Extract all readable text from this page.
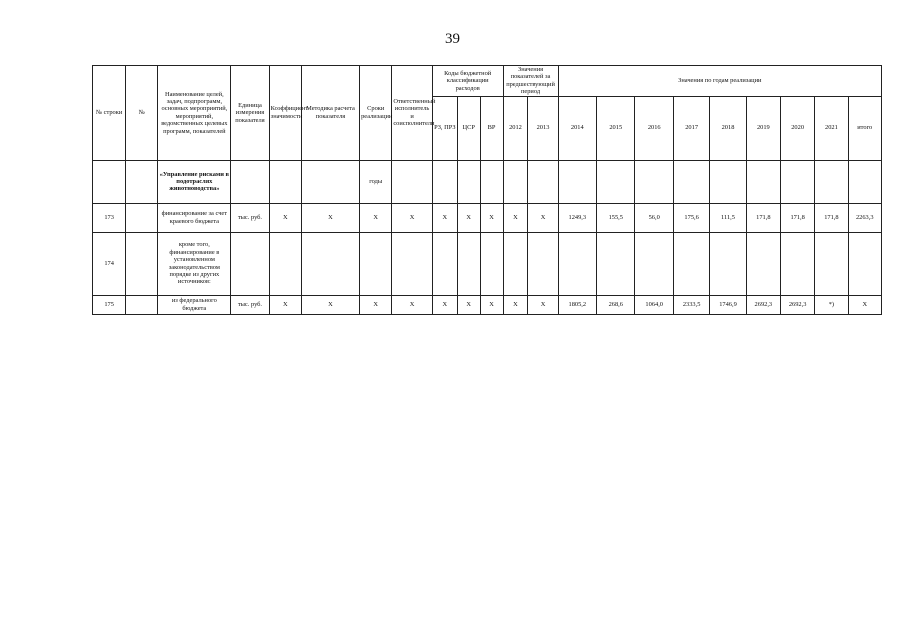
39
№ строки	№	Наименование целей, задач, подпрограмм, основных мероприятий, мероприятий, ведомственных целевых программ, показателей	Единица измерения показателя	Коэффициент значимости	Методика расчета показателя	Сроки реализации	Ответственный исполнитель и соисполнители	Коды бюджетной классификации расходов			Значения показателей за предшествующий период		Значения по годам реализации								
								РЗ, ПРЗ	ЦСР	ВР	2012	2013	2014	2015	2016	2017	2018	2019	2020	2021	итого
		«Управление рисками в подотраслях животноводства»				годы															
173		финансирование за счет краевого бюджета	тыс. руб.	X	X	X	X	X	X	X	X	X	1249,3	155,5	56,0	175,6	111,5	171,8	171,8	171,8	2263,3
174		кроме того, финансирование в установленном законодательством порядке из других источников:																			
175		из федерального бюджета	тыс. руб.	X	X	X	X	X	X	X	X	X	1805,2	268,6	1064,0	2333,5	1746,9	2692,3	2692,3	*)	X
